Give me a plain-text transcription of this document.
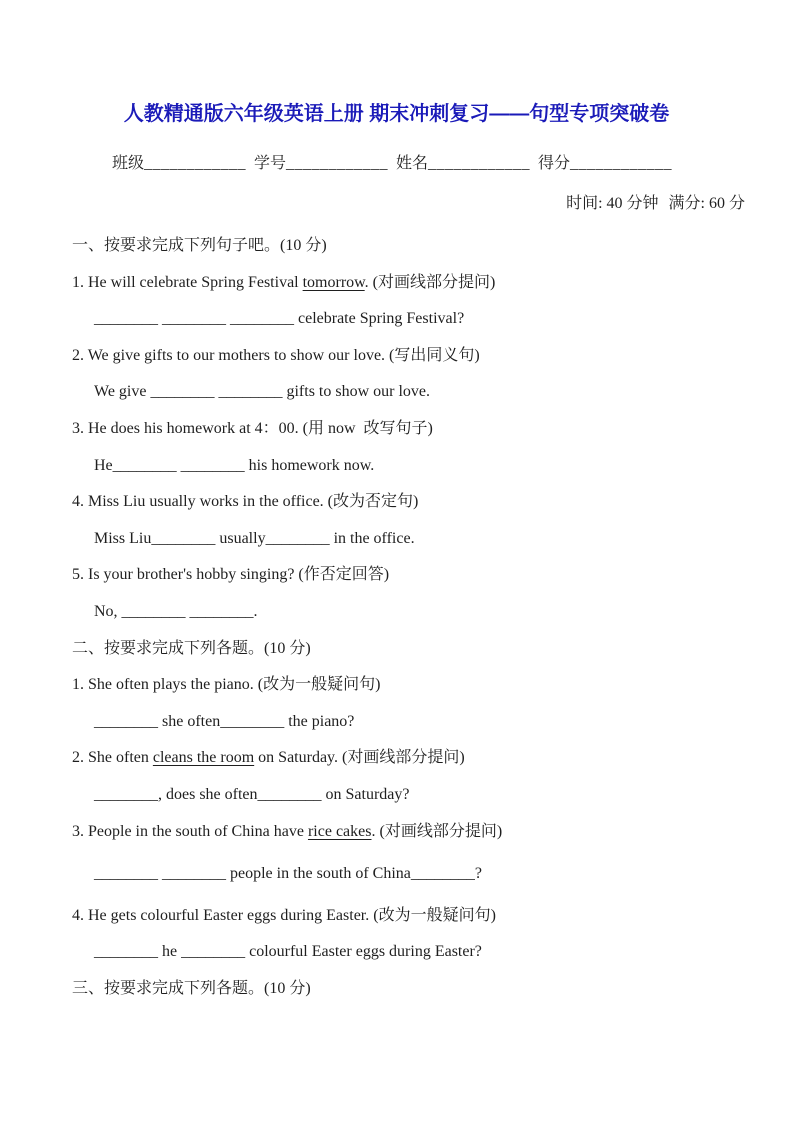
人教精通版六年级英语上册 期末冲刺复习——句型专项突破卷
班级____________ 学号____________ 姓名____________ 得分____________
时间: 40 分钟 满分: 60 分
一、按要求完成下列句子吧。(10 分)
1. He will celebrate Spring Festival tomorrow. (对画线部分提问)
________ ________ ________ celebrate Spring Festival?
2. We give gifts to our mothers to show our love. (写出同义句)
We give ________ ________ gifts to show our love.
3. He does his homework at 4：00. (用 now  改写句子)
He________ ________ his homework now.
4. Miss Liu usually works in the office. (改为否定句)
Miss Liu________ usually________ in the office.
5. Is your brother's hobby singing? (作否定回答)
No, ________ ________.
二、按要求完成下列各题。(10 分)
1. She often plays the piano. (改为一般疑问句)
________ she often________ the piano?
2. She often cleans the room on Saturday. (对画线部分提问)
________, does she often________ on Saturday?
3. People in the south of China have rice cakes. (对画线部分提问)
________ ________ people in the south of China________?
4. He gets colourful Easter eggs during Easter. (改为一般疑问句)
________ he ________ colourful Easter eggs during Easter?
三、按要求完成下列各题。(10 分)
